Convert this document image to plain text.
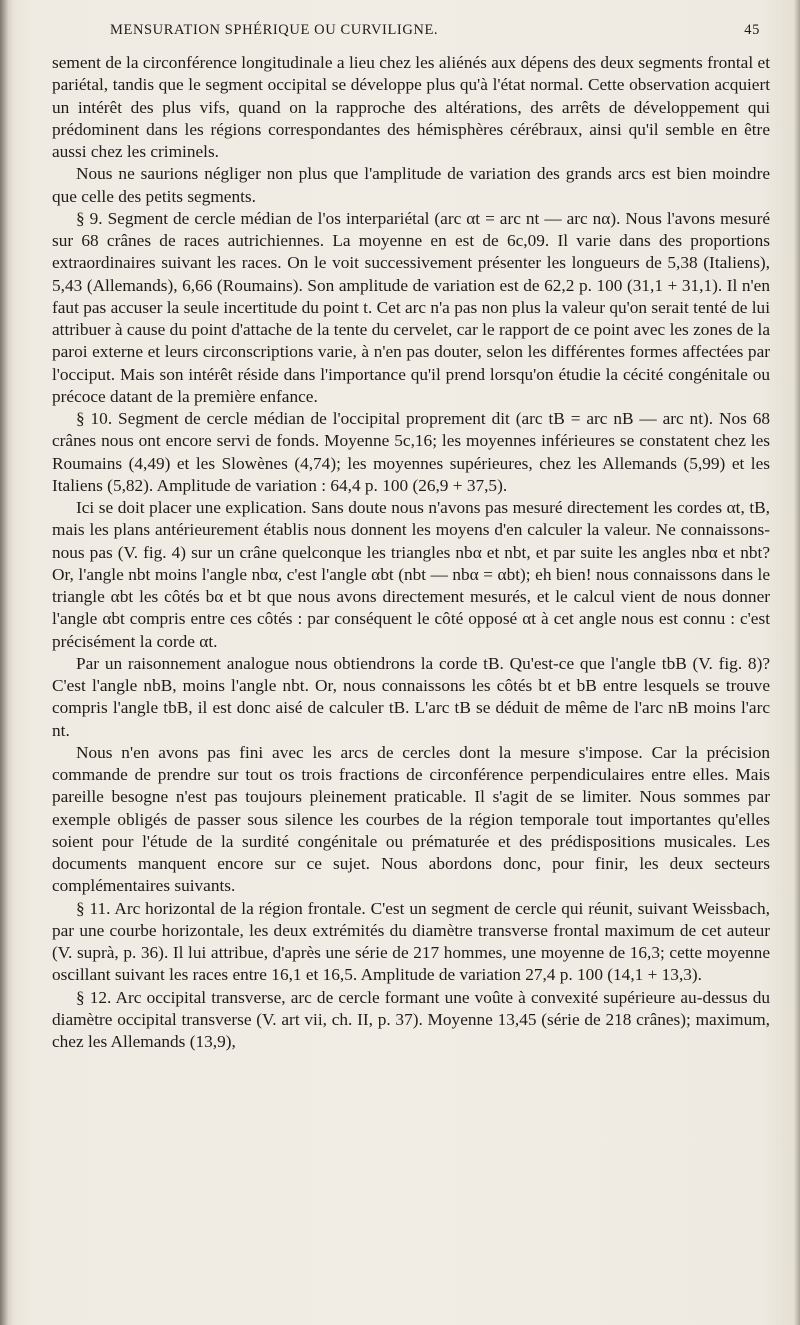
MENSURATION SPHÉRIQUE OU CURVILIGNE.	45

sement de la circonférence longitudinale a lieu chez les aliénés aux dépens des deux segments frontal et pariétal, tandis que le segment occipital se développe plus qu'à l'état normal. Cette observation acquiert un intérêt des plus vifs, quand on la rapproche des altérations, des arrêts de développement qui prédominent dans les régions correspondantes des hémisphères cérébraux, ainsi qu'il semble en être aussi chez les criminels.

Nous ne saurions négliger non plus que l'amplitude de variation des grands arcs est bien moindre que celle des petits segments.

§ 9. Segment de cercle médian de l'os interpariétal (arc αt = arc nt — arc nα). Nous l'avons mesuré sur 68 crânes de races autrichiennes. La moyenne en est de 6c,09. Il varie dans des proportions extraordinaires suivant les races. On le voit successivement présenter les longueurs de 5,38 (Italiens), 5,43 (Allemands), 6,66 (Roumains). Son amplitude de variation est de 62,2 p. 100 (31,1 + 31,1). Il n'en faut pas accuser la seule incertitude du point t. Cet arc n'a pas non plus la valeur qu'on serait tenté de lui attribuer à cause du point d'attache de la tente du cervelet, car le rapport de ce point avec les zones de la paroi externe et leurs circonscriptions varie, à n'en pas douter, selon les différentes formes affectées par l'occiput. Mais son intérêt réside dans l'importance qu'il prend lorsqu'on étudie la cécité congénitale ou précoce datant de la première enfance.

§ 10. Segment de cercle médian de l'occipital proprement dit (arc tB = arc nB — arc nt). Nos 68 crânes nous ont encore servi de fonds. Moyenne 5c,16; les moyennes inférieures se constatent chez les Roumains (4,49) et les Slowènes (4,74); les moyennes supérieures, chez les Allemands (5,99) et les Italiens (5,82). Amplitude de variation : 64,4 p. 100 (26,9 + 37,5).

Ici se doit placer une explication. Sans doute nous n'avons pas mesuré directement les cordes αt, tB, mais les plans antérieurement établis nous donnent les moyens d'en calculer la valeur. Ne connaissons-nous pas (V. fig. 4) sur un crâne quelconque les triangles nbα et nbt, et par suite les angles nbα et nbt? Or, l'angle nbt moins l'angle nbα, c'est l'angle αbt (nbt — nbα = αbt); eh bien! nous connaissons dans le triangle αbt les côtés bα et bt que nous avons directement mesurés, et le calcul vient de nous donner l'angle αbt compris entre ces côtés : par conséquent le côté opposé αt à cet angle nous est connu : c'est précisément la corde αt.

Par un raisonnement analogue nous obtiendrons la corde tB. Qu'est-ce que l'angle tbB (V. fig. 8)? C'est l'angle nbB, moins l'angle nbt. Or, nous connaissons les côtés bt et bB entre lesquels se trouve compris l'angle tbB, il est donc aisé de calculer tB. L'arc tB se déduit de même de l'arc nB moins l'arc nt.

Nous n'en avons pas fini avec les arcs de cercles dont la mesure s'impose. Car la précision commande de prendre sur tout os trois fractions de circonférence perpendiculaires entre elles. Mais pareille besogne n'est pas toujours pleinement praticable. Il s'agit de se limiter. Nous sommes par exemple obligés de passer sous silence les courbes de la région temporale tout importantes qu'elles soient pour l'étude de la surdité congénitale ou prématurée et des prédispositions musicales. Les documents manquent encore sur ce sujet. Nous abordons donc, pour finir, les deux secteurs complémentaires suivants.

§ 11. Arc horizontal de la région frontale. C'est un segment de cercle qui réunit, suivant Weissbach, par une courbe horizontale, les deux extrémités du diamètre transverse frontal maximum de cet auteur (V. suprà, p. 36). Il lui attribue, d'après une série de 217 hommes, une moyenne de 16,3; cette moyenne oscillant suivant les races entre 16,1 et 16,5. Amplitude de variation 27,4 p. 100 (14,1 + 13,3).

§ 12. Arc occipital transverse, arc de cercle formant une voûte à convexité supérieure au-dessus du diamètre occipital transverse (V. art vii, ch. II, p. 37). Moyenne 13,45 (série de 218 crânes); maximum, chez les Allemands (13,9),
